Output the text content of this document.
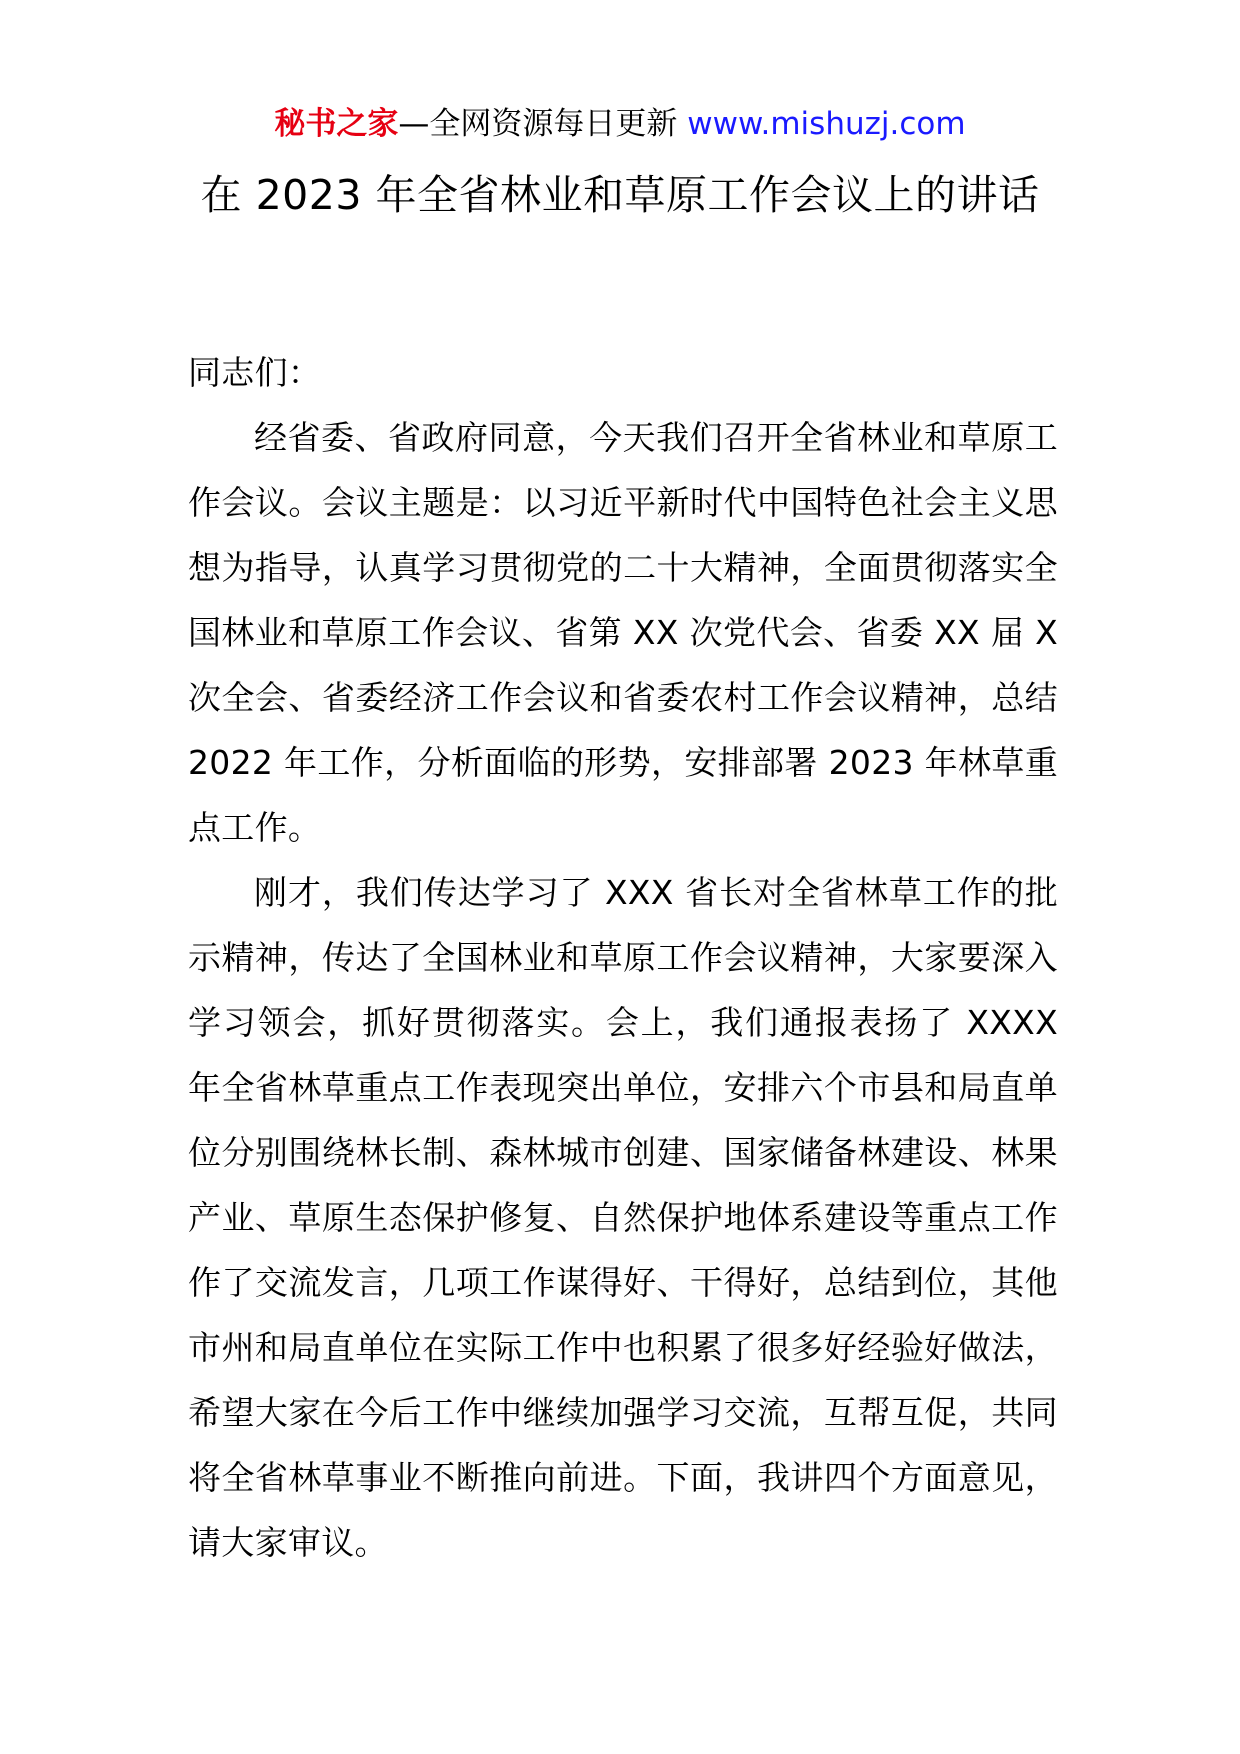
秘书之家—全网资源每日更新 www.mishuzj.com
在 2023 年全省林业和草原工作会议上的讲话

同志们：

经省委、省政府同意，今天我们召开全省林业和草原工作会议。会议主题是：以习近平新时代中国特色社会主义思想为指导，认真学习贯彻党的二十大精神，全面贯彻落实全国林业和草原工作会议、省第 XX 次党代会、省委 XX 届 X 次全会、省委经济工作会议和省委农村工作会议精神，总结 2022 年工作，分析面临的形势，安排部署 2023 年林草重点工作。

刚才，我们传达学习了 XXX 省长对全省林草工作的批示精神，传达了全国林业和草原工作会议精神，大家要深入学习领会，抓好贯彻落实。会上，我们通报表扬了 XXXX 年全省林草重点工作表现突出单位，安排六个市县和局直单位分别围绕林长制、森林城市创建、国家储备林建设、林果产业、草原生态保护修复、自然保护地体系建设等重点工作作了交流发言，几项工作谋得好、干得好，总结到位，其他市州和局直单位在实际工作中也积累了很多好经验好做法，希望大家在今后工作中继续加强学习交流，互帮互促，共同将全省林草事业不断推向前进。下面，我讲四个方面意见，请大家审议。
